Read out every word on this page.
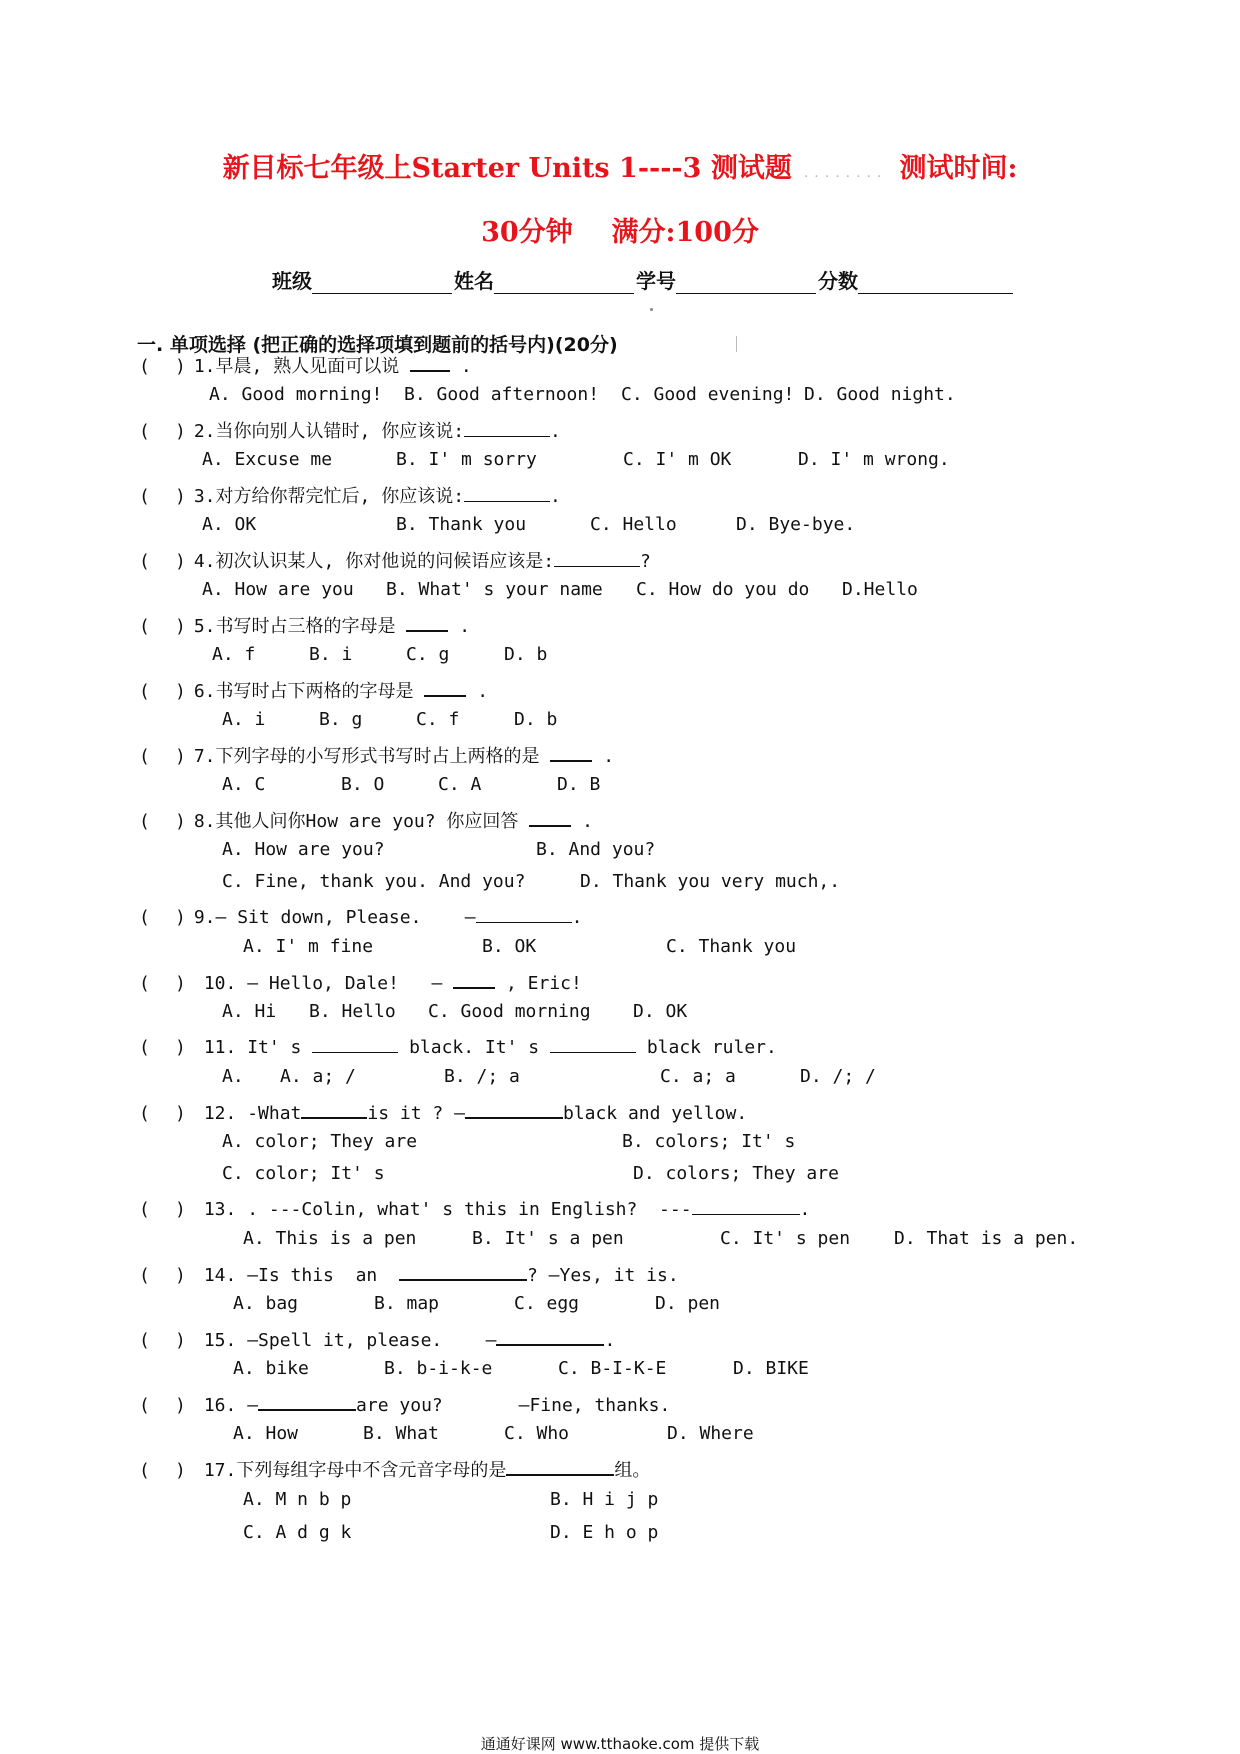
新目标七年级上Starter Units 1----3 测试题 ........ 测试时间:
30分钟 满分:100分
班级	姓名	学号	分数
一. 单项选择 (把正确的选择项填到题前的括号内)(20分)
( ) 1.早晨, 熟人见面可以说	.
A. Good morning! B. Good afternoon! C. Good evening! D. Good night.
( ) 2.当你向别人认错时, 你应该说:	.
A. Excuse me	B. I' m sorry	C. I' m OK	D. I' m wrong.
( ) 3.对方给你帮完忙后, 你应该说:	.
A. OK	B. Thank you	C. Hello	D. Bye-bye.
( ) 4.初次认识某人, 你对他说的问候语应该是:	?
A. How are you B. What' s your name C. How do you do D.Hello
( ) 5.书写时占三格的字母是	.
A. f	B. i	C. g	D. b
( ) 6.书写时占下两格的字母是	.
A. i	B. g	C. f	D. b
( ) 7.下列字母的小写形式书写时占上两格的是	.
A. C	B. O	C. A	D. B
( ) 8.其他人问你How are you? 你应回答	.
A. How are you?	B. And you?
C. Fine, thank you. And you?	D. Thank you very much,.
( ) 9.— Sit down, Please. —	.
A. I' m fine	B. OK	C. Thank you
( ) 10. — Hello, Dale! —	, Eric!
A. Hi B. Hello C. Good morning D. OK
( ) 11. It' s	black. It' s	black ruler.
A. A. a; /	B. /; a	C. a; a	D. /; /
( ) 12. -What	is it ? —	black and yellow.
A. color; They are	B. colors; It' s
C. color; It' s	D. colors; They are
( ) 13. . ---Colin, what' s this in English? ---	.
A. This is a pen	B. It' s a pen	C. It' s pen D. That is a pen.
( ) 14. —Is this an	? —Yes, it is.
A. bag	B. map	C. egg	D. pen
( ) 15. —Spell it, please. —	.
A. bike	B. b-i-k-e	C. B-I-K-E	D. BIKE
( ) 16. —	are you?	—Fine, thanks.
A. How	B. What	C. Who	D. Where
( ) 17.下列每组字母中不含元音字母的是	组。
A. M n b p	B. H i j p
C. A d g k	D. E h o p
通通好课网 www.tthaoke.com 提供下载
